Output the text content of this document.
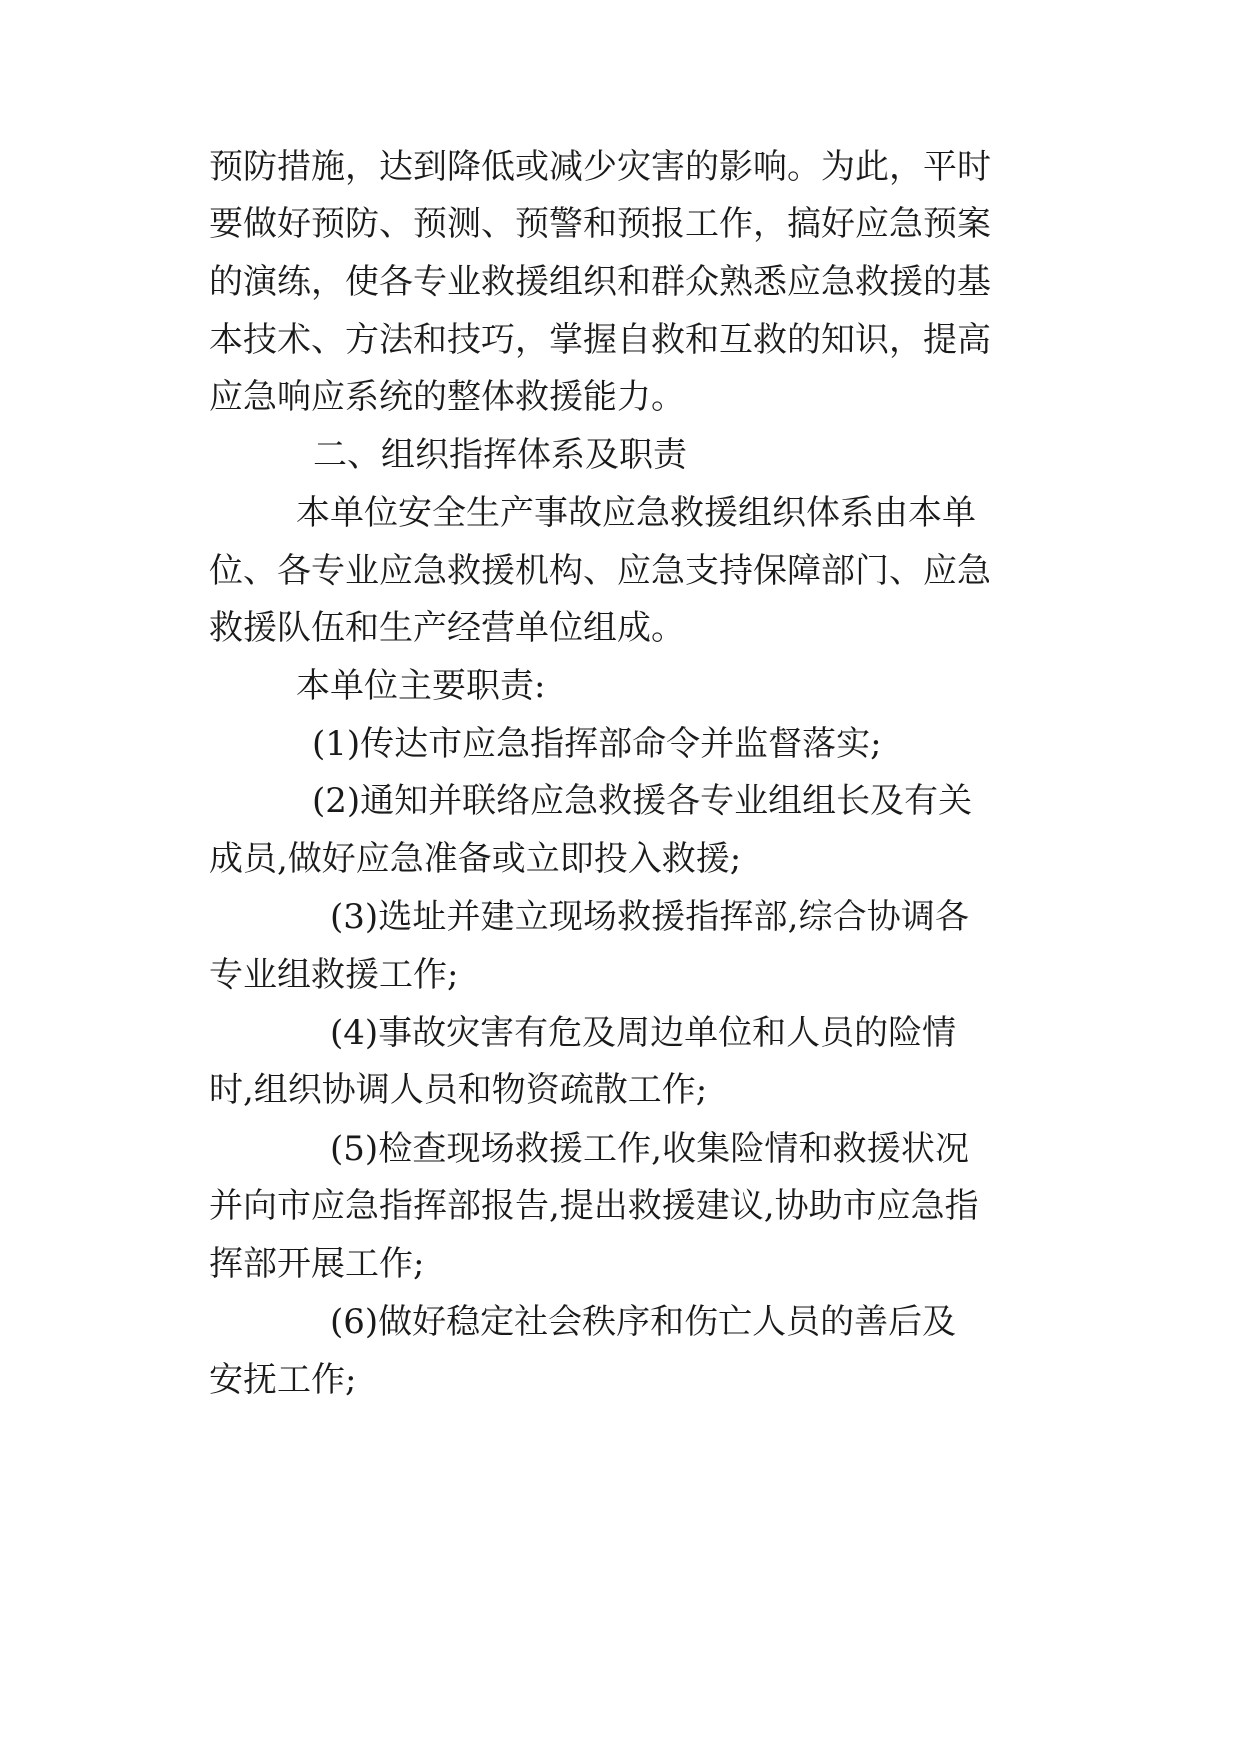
预防措施，达到降低或减少灾害的影响。为此，平时
要做好预防、预测、预警和预报工作，搞好应急预案
的演练，使各专业救援组织和群众熟悉应急救援的基
本技术、方法和技巧，掌握自救和互救的知识，提高
应急响应系统的整体救援能力。
二、组织指挥体系及职责
本单位安全生产事故应急救援组织体系由本单
位、各专业应急救援机构、应急支持保障部门、应急
救援队伍和生产经营单位组成。
本单位主要职责:
(1)传达市应急指挥部命令并监督落实;
(2)通知并联络应急救援各专业组组长及有关
成员,做好应急准备或立即投入救援;
(3)选址并建立现场救援指挥部,综合协调各
专业组救援工作;
(4)事故灾害有危及周边单位和人员的险情
时,组织协调人员和物资疏散工作;
(5)检查现场救援工作,收集险情和救援状况
并向市应急指挥部报告,提出救援建议,协助市应急指
挥部开展工作;
(6)做好稳定社会秩序和伤亡人员的善后及
安抚工作;
